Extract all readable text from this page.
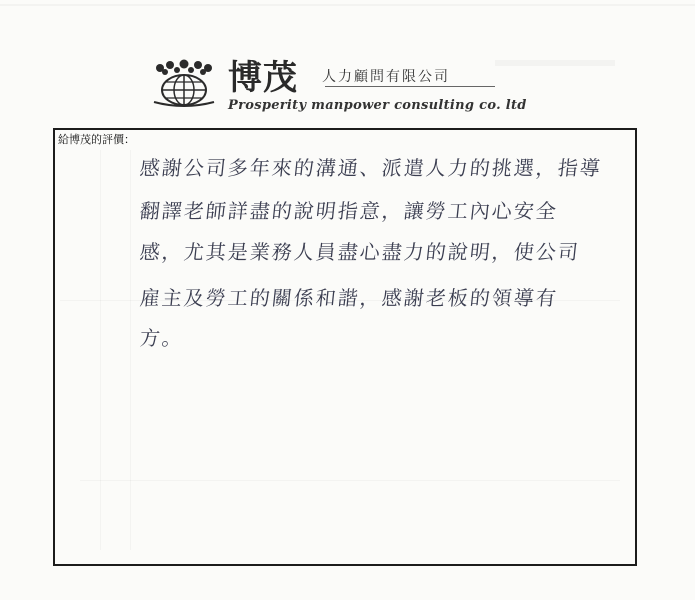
博茂 人力顧問有限公司
Prosperity manpower consulting co. ltd
給博茂的評價：
感謝公司多年來的溝通、派遣人力的挑選，指導
翻譯老師詳盡的說明指意，讓勞工內心安全
感，尤其是業務人員盡心盡力的說明，使公司
雇主及勞工的關係和諧，感謝老板的領導有
方。
